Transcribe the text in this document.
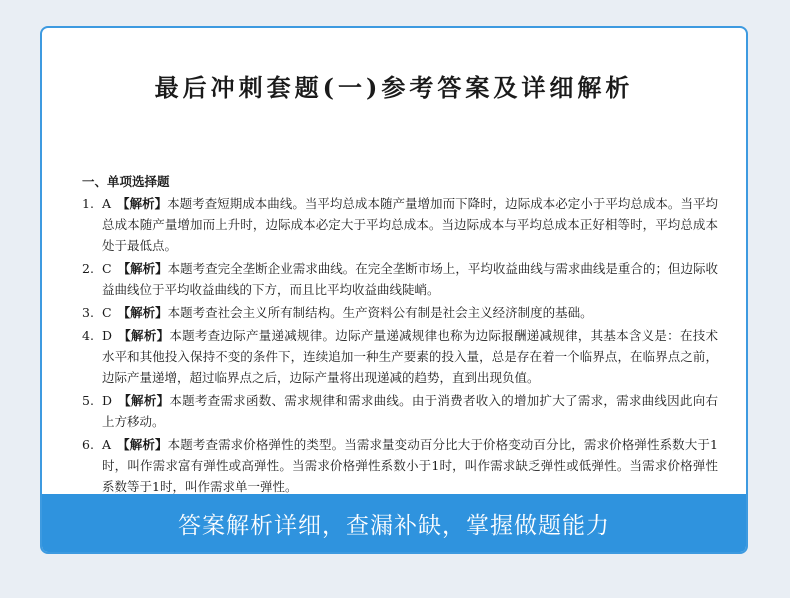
最后冲刺套题(一)参考答案及详细解析
一、单项选择题
1. A 【解析】本题考查短期成本曲线。当平均总成本随产量增加而下降时，边际成本必定小于平均总成本。当平均总成本随产量增加而上升时，边际成本必定大于平均总成本。当边际成本与平均总成本正好相等时，平均总成本处于最低点。
2. C 【解析】本题考查完全垄断企业需求曲线。在完全垄断市场上，平均收益曲线与需求曲线是重合的；但边际收益曲线位于平均收益曲线的下方，而且比平均收益曲线陡峭。
3. C 【解析】本题考查社会主义所有制结构。生产资料公有制是社会主义经济制度的基础。
4. D 【解析】本题考查边际产量递减规律。边际产量递减规律也称为边际报酬递减规律，其基本含义是：在技术水平和其他投入保持不变的条件下，连续追加一种生产要素的投入量，总是存在着一个临界点，在临界点之前，边际产量递增，超过临界点之后，边际产量将出现递减的趋势，直到出现负值。
5. D 【解析】本题考查需求函数、需求规律和需求曲线。由于消费者收入的增加扩大了需求，需求曲线因此向右上方移动。
6. A 【解析】本题考查需求价格弹性的类型。当需求量变动百分比大于价格变动百分比，需求价格弹性系数大于1时，叫作需求富有弹性或高弹性。当需求价格弹性系数小于1时，叫作需求缺乏弹性或低弹性。当需求价格弹性系数等于1时，叫作需求单一弹性。
答案解析详细，查漏补缺，掌握做题能力
